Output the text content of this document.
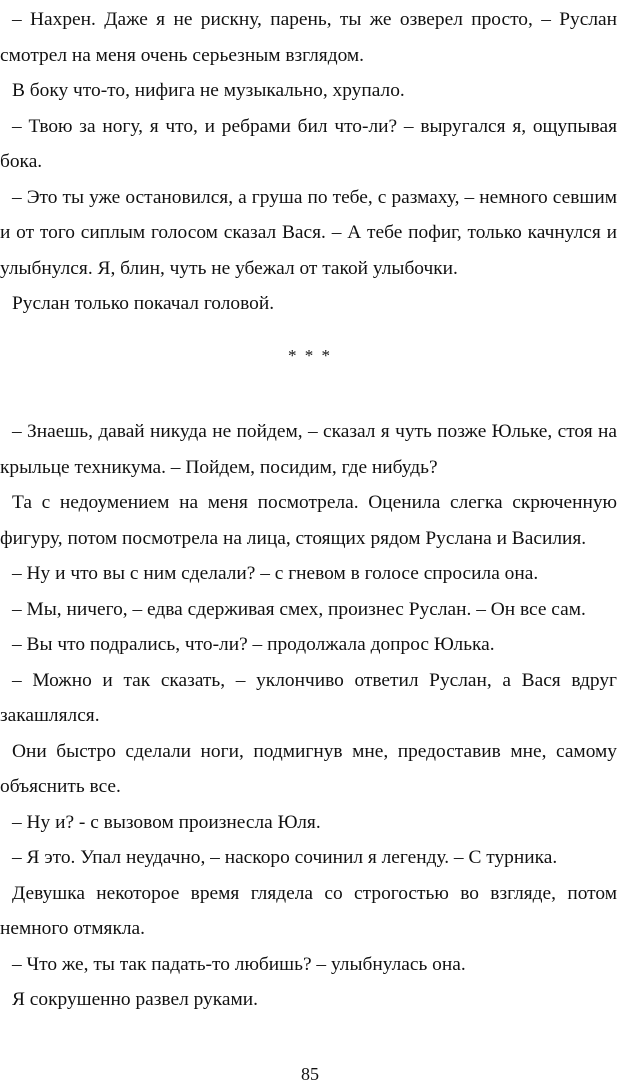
– Нахрен. Даже я не рискну, парень, ты же озверел просто, – Руслан смотрел на меня очень серьезным взглядом.

В боку что-то, нифига не музыкально, хрупало.

– Твою за ногу, я что, и ребрами бил что-ли? – выругался я, ощупывая бока.

– Это ты уже остановился, а груша по тебе, с размаху, – немного севшим и от того сиплым голосом сказал Вася. – А тебе пофиг, только качнулся и улыбнулся. Я, блин, чуть не убежал от такой улыбочки.

Руслан только покачал головой.

* * *

– Знаешь, давай никуда не пойдем, – сказал я чуть позже Юльке, стоя на крыльце техникума. – Пойдем, посидим, где нибудь?

Та с недоумением на меня посмотрела. Оценила слегка скрюченную фигуру, потом посмотрела на лица, стоящих рядом Руслана и Василия.

– Ну и что вы с ним сделали? – с гневом в голосе спросила она.

– Мы, ничего, – едва сдерживая смех, произнес Руслан. – Он все сам.

– Вы что подрались, что-ли? – продолжала допрос Юлька.

– Можно и так сказать, – уклончиво ответил Руслан, а Вася вдруг закашлялся.

Они быстро сделали ноги, подмигнув мне, предоставив мне, самому объяснить все.

– Ну и? - с вызовом произнесла Юля.

– Я это. Упал неудачно, – наскоро сочинил я легенду. – С турника.

Девушка некоторое время глядела со строгостью во взгляде, потом немного отмякла.

– Что же, ты так падать-то любишь? – улыбнулась она.

Я сокрушенно развел руками.

85
